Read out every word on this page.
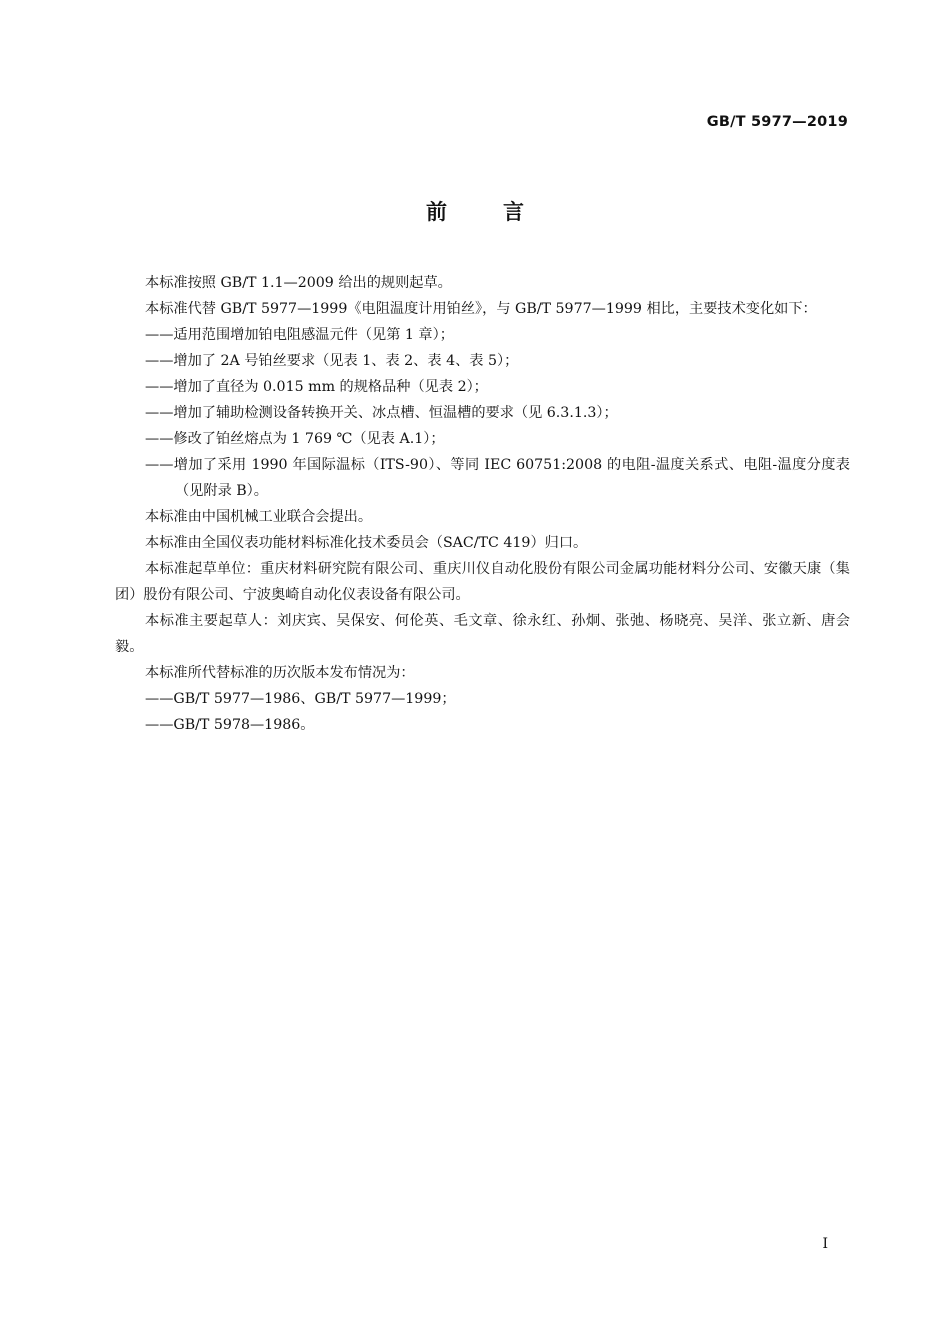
GB/T 5977—2019
前言

本标准按照 GB/T 1.1—2009 给出的规则起草。

本标准代替 GB/T 5977—1999《电阻温度计用铂丝》，与 GB/T 5977—1999 相比，主要技术变化如下：

——适用范围增加铂电阻感温元件（见第 1 章）；

——增加了 2A 号铂丝要求（见表 1、表 2、表 4、表 5）；

——增加了直径为 0.015 mm 的规格品种（见表 2）；

——增加了辅助检测设备转换开关、冰点槽、恒温槽的要求（见 6.3.1.3）；

——修改了铂丝熔点为 1 769 ℃（见表 A.1）；

——增加了采用 1990 年国际温标（ITS-90）、等同 IEC 60751:2008 的电阻-温度关系式、电阻-温度分度表（见附录 B）。

本标准由中国机械工业联合会提出。

本标准由全国仪表功能材料标准化技术委员会（SAC/TC 419）归口。

本标准起草单位：重庆材料研究院有限公司、重庆川仪自动化股份有限公司金属功能材料分公司、安徽天康（集团）股份有限公司、宁波奥崎自动化仪表设备有限公司。

本标准主要起草人：刘庆宾、吴保安、何伦英、毛文章、徐永红、孙炯、张弛、杨晓亮、吴洋、张立新、唐会毅。

本标准所代替标准的历次版本发布情况为：

——GB/T 5977—1986、GB/T 5977—1999；

——GB/T 5978—1986。

I
